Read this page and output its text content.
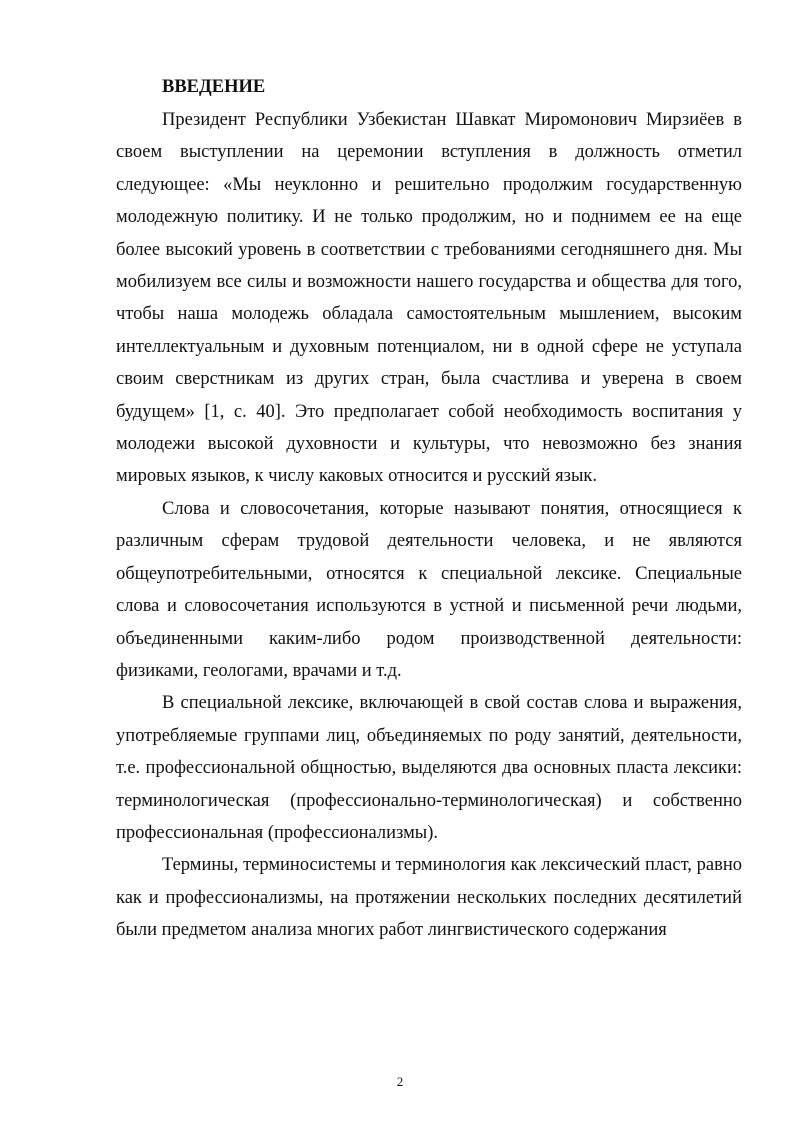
ВВЕДЕНИЕ

Президент Республики Узбекистан Шавкат Миромонович Мирзиёев в своем выступлении на церемонии вступления в должность отметил следующее: «Мы неуклонно и решительно продолжим государственную молодежную политику. И не только продолжим, но и поднимем ее на еще более высокий уровень в соответствии с требованиями сегодняшнего дня. Мы мобилизуем все силы и возможности нашего государства и общества для того, чтобы наша молодежь обладала самостоятельным мышлением, высоким интеллектуальным и духовным потенциалом, ни в одной сфере не уступала своим сверстникам из других стран, была счастлива и уверена в своем будущем» [1, с. 40]. Это предполагает собой необходимость воспитания у молодежи высокой духовности и культуры, что невозможно без знания мировых языков, к числу каковых относится и русский язык.

Слова и словосочетания, которые называют понятия, относящиеся к различным сферам трудовой деятельности человека, и не являются общеупотребительными, относятся к специальной лексике. Специальные слова и словосочетания используются в устной и письменной речи людьми, объединенными каким-либо родом производственной деятельности: физиками, геологами, врачами и т.д.

В специальной лексике, включающей в свой состав слова и выражения, употребляемые группами лиц, объединяемых по роду занятий, деятельности, т.е. профессиональной общностью, выделяются два основных пласта лексики: терминологическая (профессионально-терминологическая) и собственно профессиональная (профессионализмы).

Термины, терминосистемы и терминология как лексический пласт, равно как и профессионализмы, на протяжении нескольких последних десятилетий были предметом анализа многих работ лингвистического содержания

2
